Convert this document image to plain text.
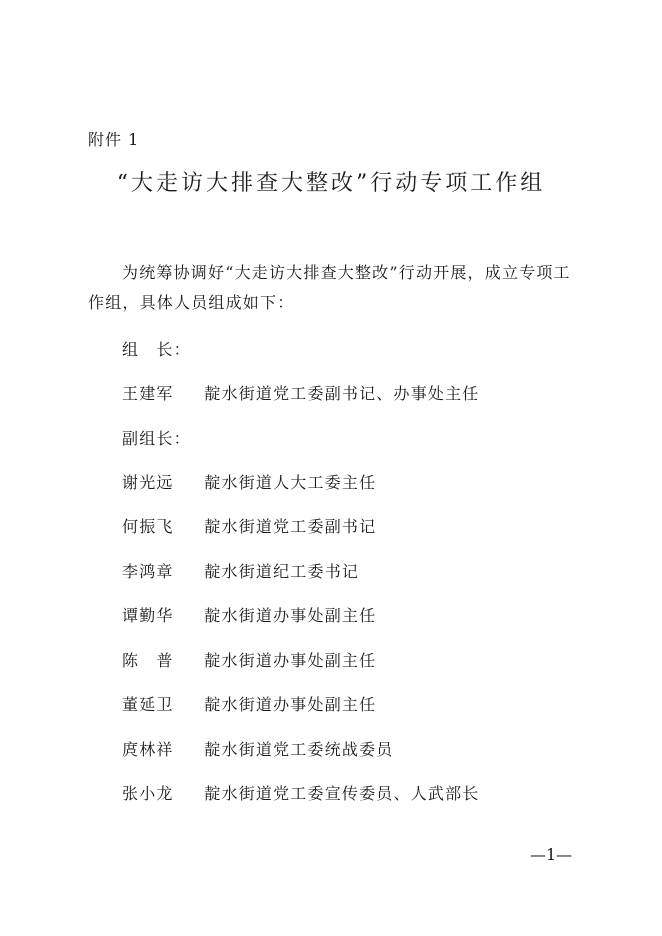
附件 1
“大走访大排查大整改”行动专项工作组
为统筹协调好“大走访大排查大整改”行动开展，成立专项工作组，具体人员组成如下：
组　长：
王建军 靛水街道党工委副书记、办事处主任
副组长：
谢光远 靛水街道人大工委主任
何振飞 靛水街道党工委副书记
李鸿章 靛水街道纪工委书记
谭勤华 靛水街道办事处副主任
陈　普 靛水街道办事处副主任
董延卫 靛水街道办事处副主任
庹林祥 靛水街道党工委统战委员
张小龙 靛水街道党工委宣传委员、人武部长
—1—
